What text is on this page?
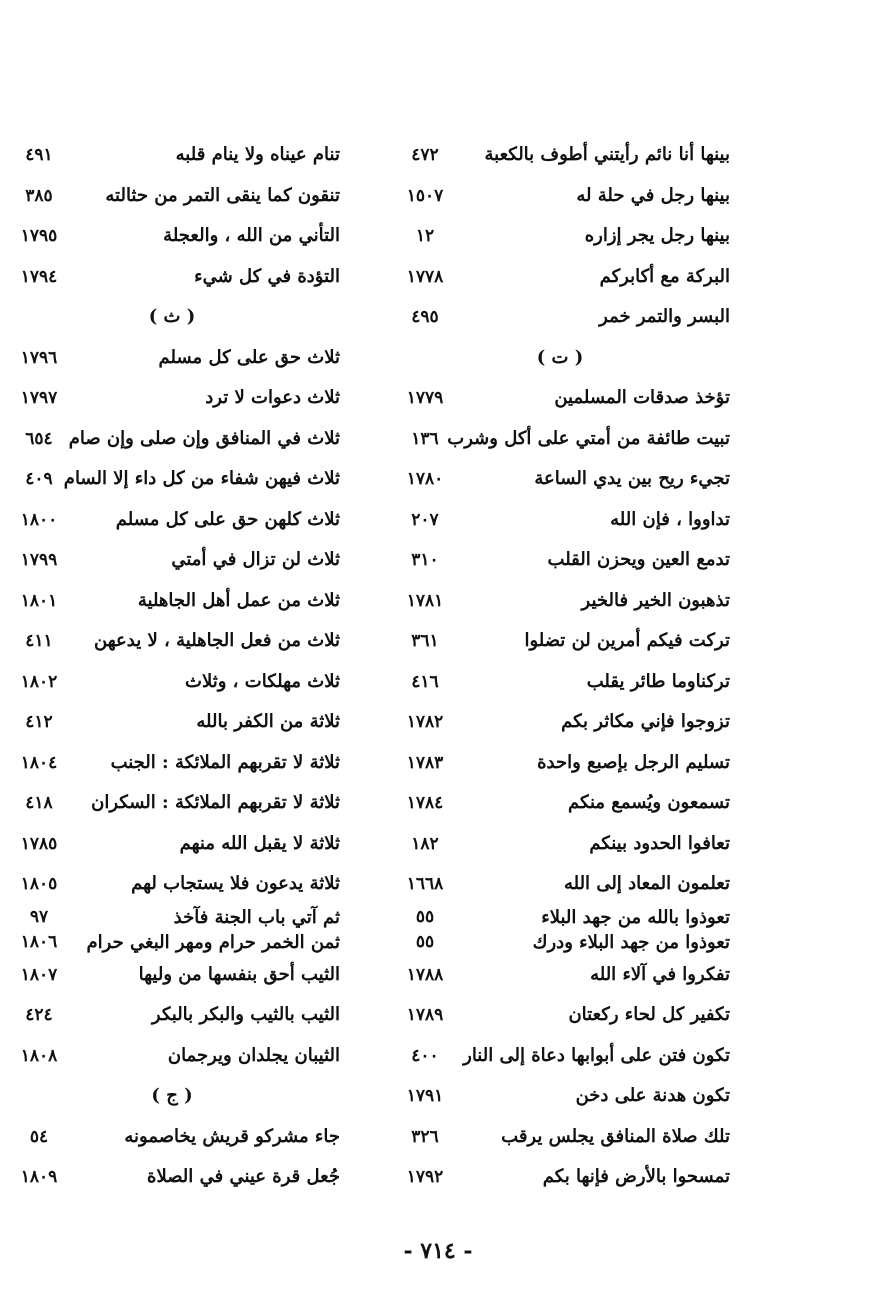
بينها أنا نائم رأيتني أطوف بالكعبة
٤٧٢
بينها رجل في حلة له
١٥٠٧
بينها رجل يجر إزاره
١٢
البركة مع أكابركم
١٧٧٨
البسر والتمر خمر
٤٩٥
( ت )
تؤخذ صدقات المسلمين
١٧٧٩
تبيت طائفة من أمتي على أكل وشرب
١٣٦
تجيء ريح بين يدي الساعة
١٧٨٠
تداووا ، فإن الله
٢٠٧
تدمع العين ويحزن القلب
٣١٠
تذهبون الخير فالخير
١٧٨١
تركت فيكم أمرين لن تضلوا
٣٦١
تركناوما طائر يقلب
٤١٦
تزوجوا فإني مكاثر بكم
١٧٨٢
تسليم الرجل بإصبع واحدة
١٧٨٣
تسمعون ويُسمع منكم
١٧٨٤
تعافوا الحدود بينكم
١٨٢
تعلمون المعاد إلى الله
١٦٦٨
تعوذوا بالله من جهد البلاء
٥٥
تعوذوا من جهد البلاء ودرك
٥٥
تفكروا في آلاء الله
١٧٨٨
تكفير كل لحاء ركعتان
١٧٨٩
تكون فتن على أبوابها دعاة إلى النار
٤٠٠
تكون هدنة على دخن
١٧٩١
تلك صلاة المنافق يجلس يرقب
٣٢٦
تمسحوا بالأرض فإنها بكم
١٧٩٢
تنام عيناه ولا ينام قلبه
٤٩١
تنقون كما ينقى التمر من حثالته
٣٨٥
التأني من الله ، والعجلة
١٧٩٥
التؤدة في كل شيء
١٧٩٤
( ث )
ثلاث حق على كل مسلم
١٧٩٦
ثلاث دعوات لا ترد
١٧٩٧
ثلاث في المنافق وإن صلى وإن صام
٦٥٤
ثلاث فيهن شفاء من كل داء إلا السام
٤٠٩
ثلاث كلهن حق على كل مسلم
١٨٠٠
ثلاث لن تزال في أمتي
١٧٩٩
ثلاث من عمل أهل الجاهلية
١٨٠١
ثلاث من فعل الجاهلية ، لا يدعهن
٤١١
ثلاث مهلكات ، وثلاث
١٨٠٢
ثلاثة من الكفر بالله
٤١٢
ثلاثة لا تقربهم الملائكة : الجنب
١٨٠٤
ثلاثة لا تقربهم الملائكة : السكران
٤١٨
ثلاثة لا يقبل الله منهم
١٧٨٥
ثلاثة يدعون فلا يستجاب لهم
١٨٠٥
ثم آتي باب الجنة فآخذ
٩٧
ثمن الخمر حرام ومهر البغي حرام
١٨٠٦
الثيب أحق بنفسها من وليها
١٨٠٧
الثيب بالثيب والبكر بالبكر
٤٢٤
الثيبان يجلدان ويرجمان
١٨٠٨
( ج )
جاء مشركو قريش يخاصمونه
٥٤
جُعل قرة عيني في الصلاة
١٨٠٩
- ٧١٤ -
